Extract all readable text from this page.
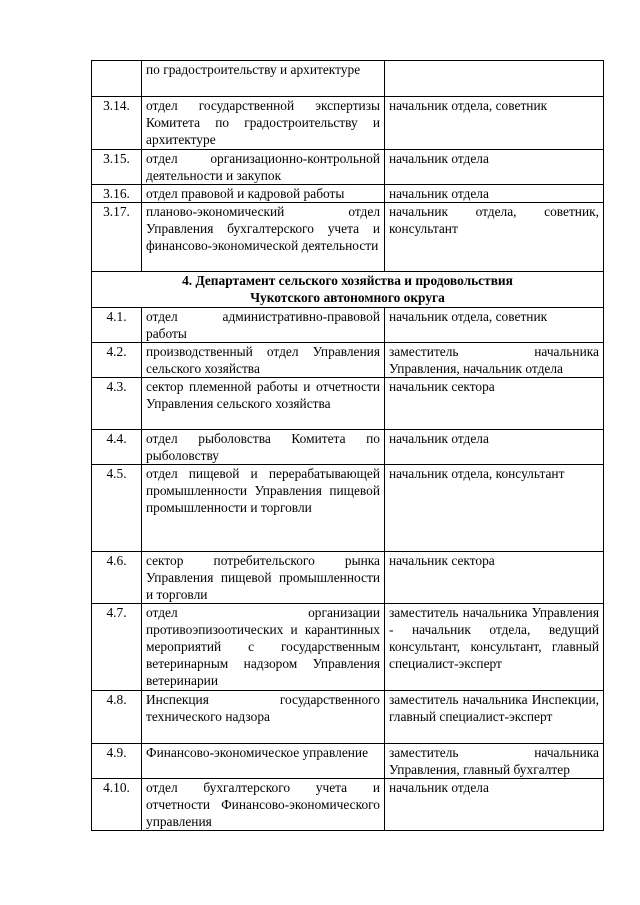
	по градостроительству и архитектуре	
3.14.	отдел государственной экспертизы Комитета по градостроительству и архитектуре	начальник отдела, советник
3.15.	отдел организационно-контрольной деятельности и закупок	начальник отдела
3.16.	отдел правовой и кадровой работы	начальник отдела
3.17.	планово-экономический отдел Управления бухгалтерского учета и финансово-экономической деятельности	начальник отдела, советник, консультант

4. Департамент сельского хозяйства и продовольствия
Чукотского автономного округа		

4.1.	отдел административно-правовой работы	начальник отдела, советник
4.2.	производственный отдел Управления сельского хозяйства	заместитель начальника Управления, начальник отдела
4.3.	сектор племенной работы и отчетности Управления сельского хозяйства	начальник сектора
4.4.	отдел рыболовства Комитета по рыболовству	начальник отдела
4.5.	отдел пищевой и перерабатывающей промышленности Управления пищевой промышленности и торговли	начальник отдела, консультант
4.6.	сектор потребительского рынка Управления пищевой промышленности и торговли	начальник сектора
4.7.	отдел организации противоэпизоотических и карантинных мероприятий с государственным ветеринарным надзором Управления ветеринарии	заместитель начальника Управления - начальник отдела, ведущий консультант, консультант, главный специалист-эксперт
4.8.	Инспекция государственного технического надзора	заместитель начальника Инспекции, главный специалист-эксперт
4.9.	Финансово-экономическое управление	заместитель начальника Управления, главный бухгалтер
4.10.	отдел бухгалтерского учета и отчетности Финансово-экономического управления	начальник отдела
